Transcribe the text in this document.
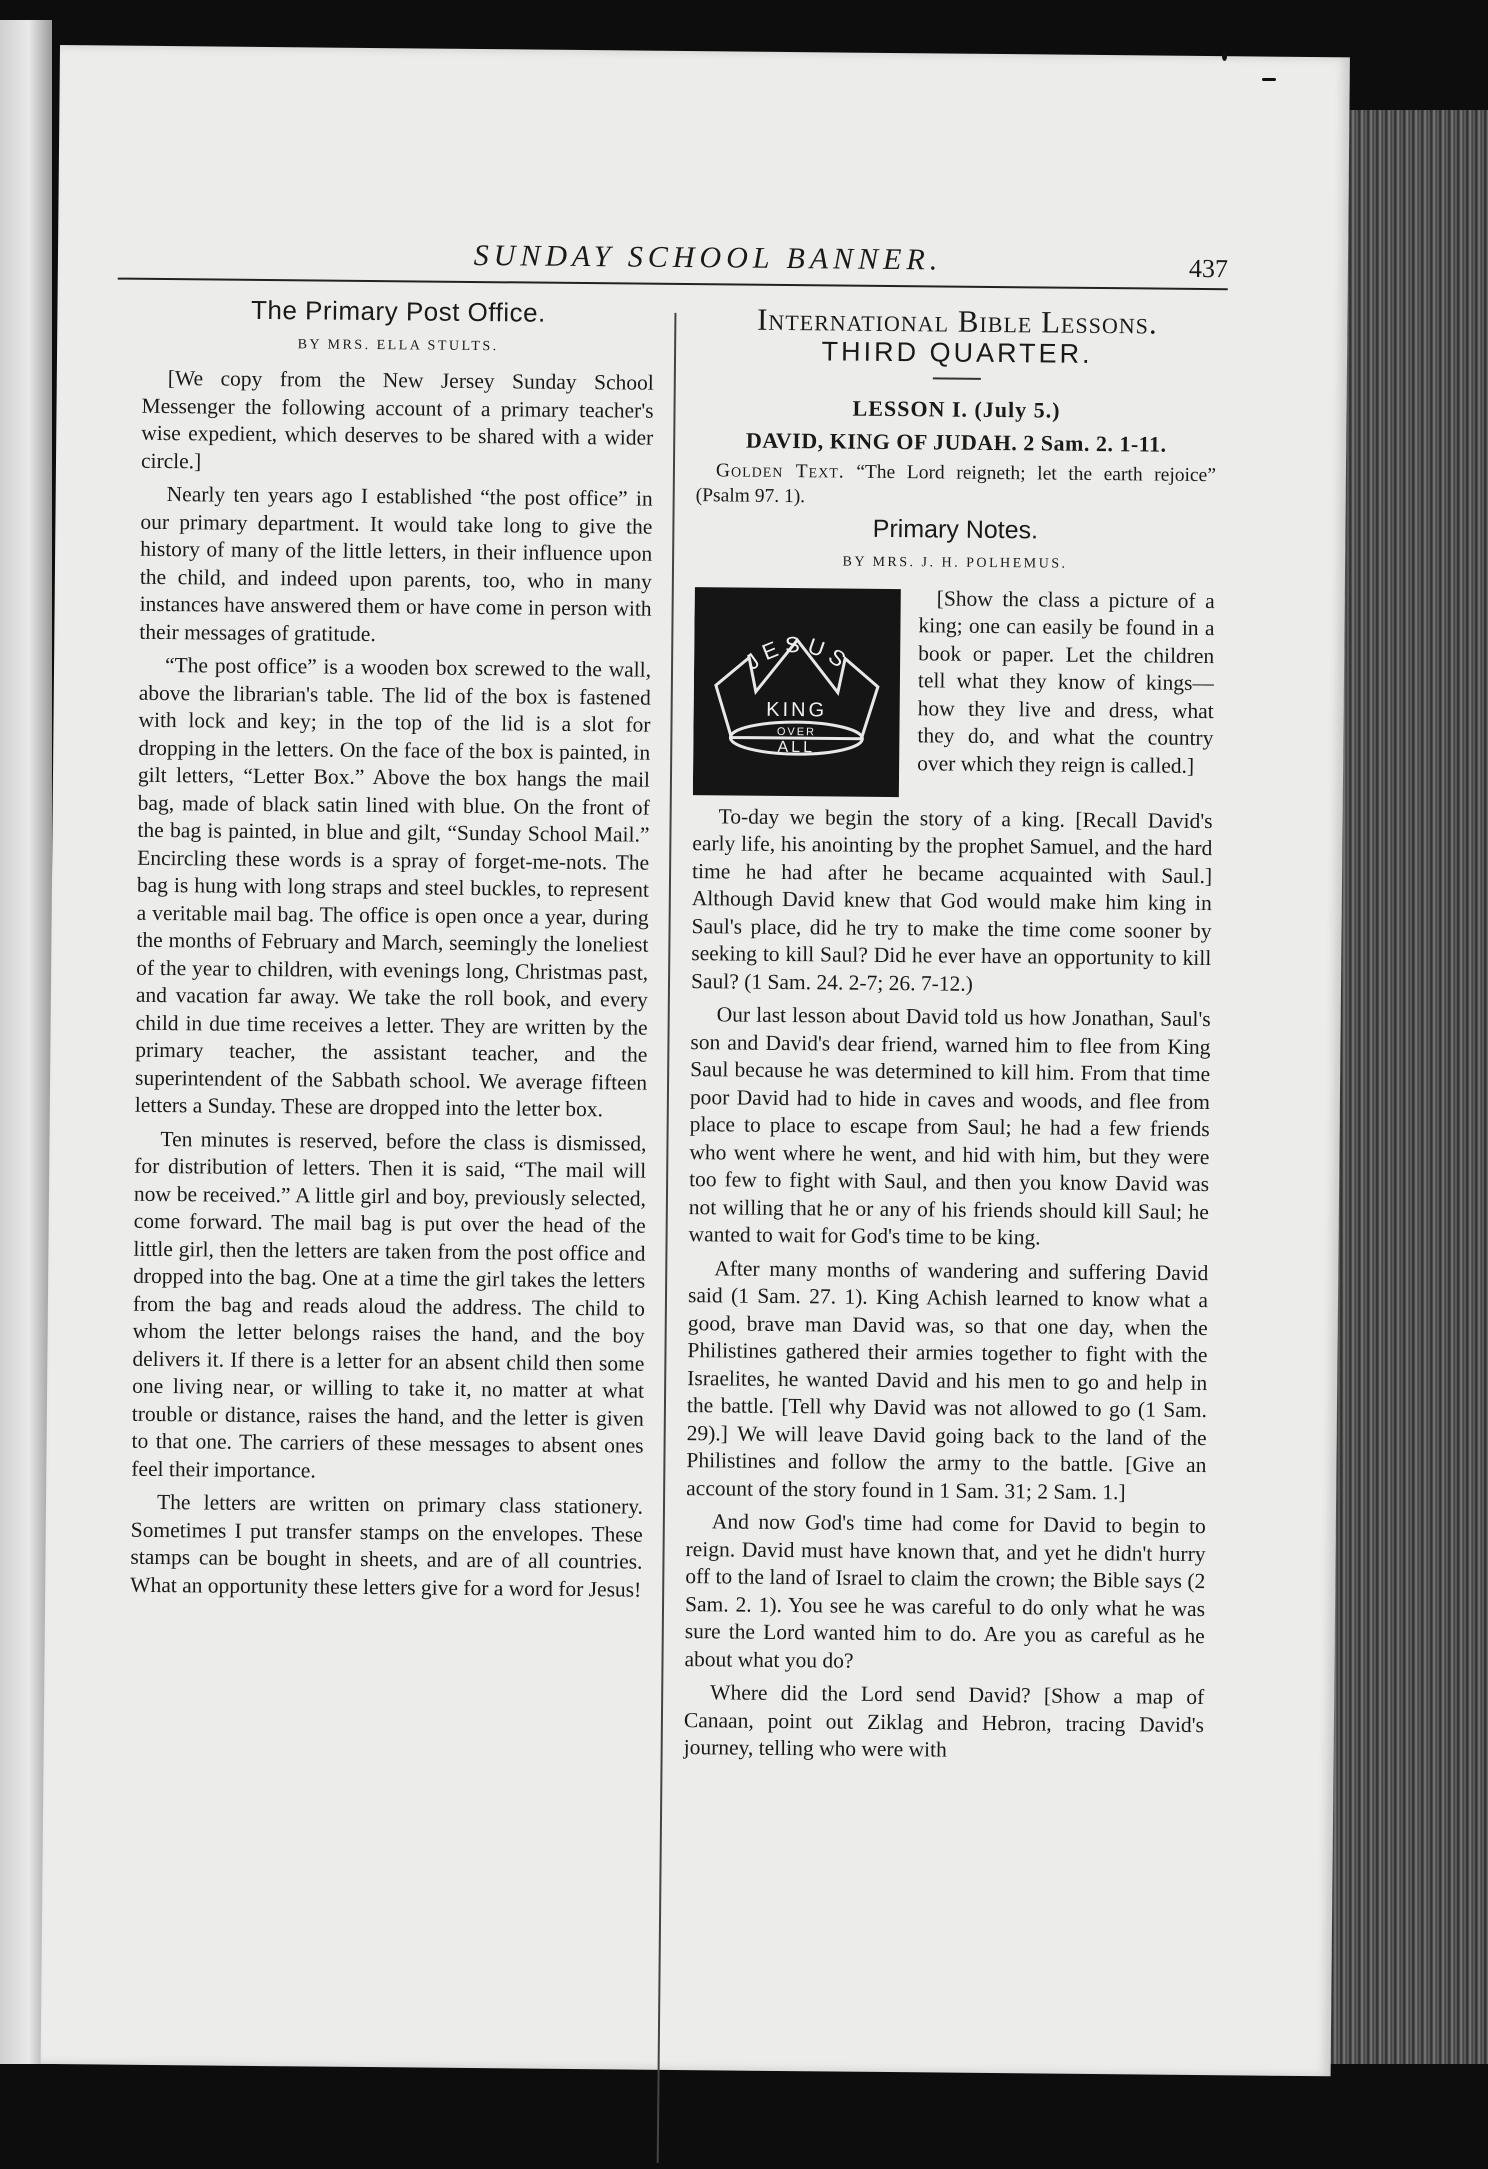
SUNDAY SCHOOL BANNER.	437
The Primary Post Office.
BY MRS. ELLA STULTS.

[We copy from the New Jersey Sunday School Messenger the following account of a primary teacher's wise expedient, which deserves to be shared with a wider circle.]

Nearly ten years ago I established “the post office” in our primary department. It would take long to give the history of many of the little letters, in their influence upon the child, and indeed upon parents, too, who in many instances have answered them or have come in person with their messages of gratitude.

“The post office” is a wooden box screwed to the wall, above the librarian's table. The lid of the box is fastened with lock and key; in the top of the lid is a slot for dropping in the letters. On the face of the box is painted, in gilt letters, “Letter Box.” Above the box hangs the mail bag, made of black satin lined with blue. On the front of the bag is painted, in blue and gilt, “Sunday School Mail.” Encircling these words is a spray of forget-me-nots. The bag is hung with long straps and steel buckles, to represent a veritable mail bag. The office is open once a year, during the months of February and March, seemingly the loneliest of the year to children, with evenings long, Christmas past, and vacation far away. We take the roll book, and every child in due time receives a letter. They are written by the primary teacher, the assistant teacher, and the superintendent of the Sabbath school. We average fifteen letters a Sunday. These are dropped into the letter box.

Ten minutes is reserved, before the class is dismissed, for distribution of letters. Then it is said, “The mail will now be received.” A little girl and boy, previously selected, come forward. The mail bag is put over the head of the little girl, then the letters are taken from the post office and dropped into the bag. One at a time the girl takes the letters from the bag and reads aloud the address. The child to whom the letter belongs raises the hand, and the boy delivers it. If there is a letter for an absent child then some one living near, or willing to take it, no matter at what trouble or distance, raises the hand, and the letter is given to that one. The carriers of these messages to absent ones feel their importance.

The letters are written on primary class stationery. Sometimes I put transfer stamps on the envelopes. These stamps can be bought in sheets, and are of all countries. What an opportunity these letters give for a word for Jesus!

International Bible Lessons.
THIRD QUARTER.
LESSON I. (July 5.)
DAVID, KING OF JUDAH. 2 Sam. 2. 1-11.

Golden Text. “The Lord reigneth; let the earth rejoice” (Psalm 97. 1).

Primary Notes.
BY MRS. J. H. POLHEMUS.
JESUS
KING
OVER
ALL

[Show the class a picture of a king; one can easily be found in a book or paper. Let the children tell what they know of kings—how they live and dress, what they do, and what the country over which they reign is called.]

To-day we begin the story of a king. [Recall David's early life, his anointing by the prophet Samuel, and the hard time he had after he became acquainted with Saul.] Although David knew that God would make him king in Saul's place, did he try to make the time come sooner by seeking to kill Saul? Did he ever have an opportunity to kill Saul? (1 Sam. 24. 2-7; 26. 7-12.)

Our last lesson about David told us how Jonathan, Saul's son and David's dear friend, warned him to flee from King Saul because he was determined to kill him. From that time poor David had to hide in caves and woods, and flee from place to place to escape from Saul; he had a few friends who went where he went, and hid with him, but they were too few to fight with Saul, and then you know David was not willing that he or any of his friends should kill Saul; he wanted to wait for God's time to be king.

After many months of wandering and suffering David said (1 Sam. 27. 1). King Achish learned to know what a good, brave man David was, so that one day, when the Philistines gathered their armies together to fight with the Israelites, he wanted David and his men to go and help in the battle. [Tell why David was not allowed to go (1 Sam. 29).] We will leave David going back to the land of the Philistines and follow the army to the battle. [Give an account of the story found in 1 Sam. 31; 2 Sam. 1.]

And now God's time had come for David to begin to reign. David must have known that, and yet he didn't hurry off to the land of Israel to claim the crown; the Bible says (2 Sam. 2. 1). You see he was careful to do only what he was sure the Lord wanted him to do. Are you as careful as he about what you do?

Where did the Lord send David? [Show a map of Canaan, point out Ziklag and Hebron, tracing David's journey, telling who were with
